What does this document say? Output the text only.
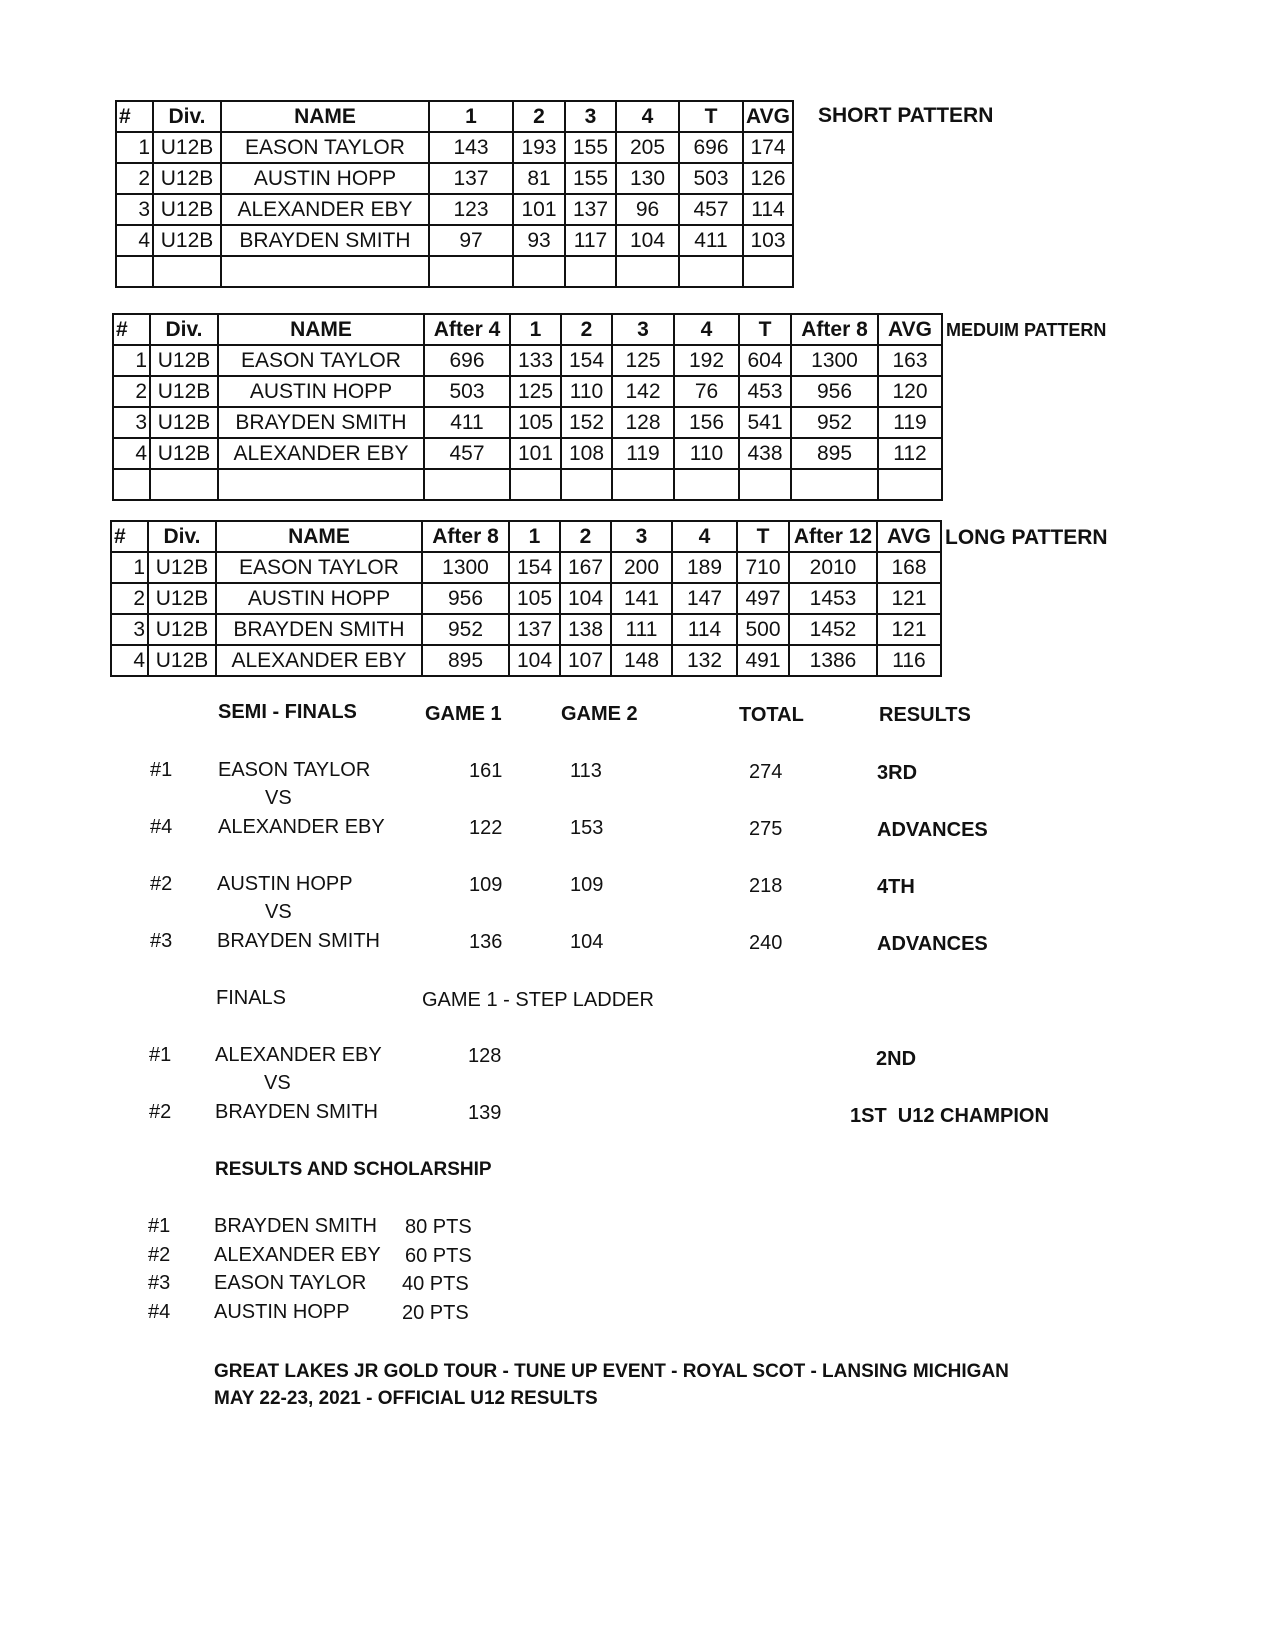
#	Div.	NAME	1	2	3	4	T	AVG
1	U12B	EASON TAYLOR	143	193	155	205	696	174
2	U12B	AUSTIN HOPP	137	81	155	130	503	126
3	U12B	ALEXANDER EBY	123	101	137	96	457	114
4	U12B	BRAYDEN SMITH	97	93	117	104	411	103

SHORT PATTERN
#	Div.	NAME	After 4	1	2	3	4	T	After 8	AVG
1	U12B	EASON TAYLOR	696	133	154	125	192	604	1300	163
2	U12B	AUSTIN HOPP	503	125	110	142	76	453	956	120
3	U12B	BRAYDEN SMITH	411	105	152	128	156	541	952	119
4	U12B	ALEXANDER EBY	457	101	108	119	110	438	895	112

MEDUIM PATTERN
#	Div.	NAME	After 8	1	2	3	4	T	After 12	AVG
1	U12B	EASON TAYLOR	1300	154	167	200	189	710	2010	168
2	U12B	AUSTIN HOPP	956	105	104	141	147	497	1453	121
3	U12B	BRAYDEN SMITH	952	137	138	111	114	500	1452	121
4	U12B	ALEXANDER EBY	895	104	107	148	132	491	1386	116
LONG PATTERN
SEMI - FINALS	GAME 1	GAME 2	TOTAL	RESULTS
#1 EASON TAYLOR	161	113	274	3RD
VS
#4 ALEXANDER EBY	122	153	275	ADVANCES
#2 AUSTIN HOPP	109	109	218	4TH
VS
#3 BRAYDEN SMITH	136	104	240	ADVANCES
FINALS	GAME 1 - STEP LADDER
#1 ALEXANDER EBY	128	2ND
VS
#2 BRAYDEN SMITH	139	1ST  U12 CHAMPION
RESULTS AND SCHOLARSHIP
#1 BRAYDEN SMITH 80 PTS
#2 ALEXANDER EBY 60 PTS
#3 EASON TAYLOR 40 PTS
#4 AUSTIN HOPP	20 PTS
GREAT LAKES JR GOLD TOUR - TUNE UP EVENT - ROYAL SCOT - LANSING MICHIGAN
MAY 22-23, 2021 - OFFICIAL U12 RESULTS
